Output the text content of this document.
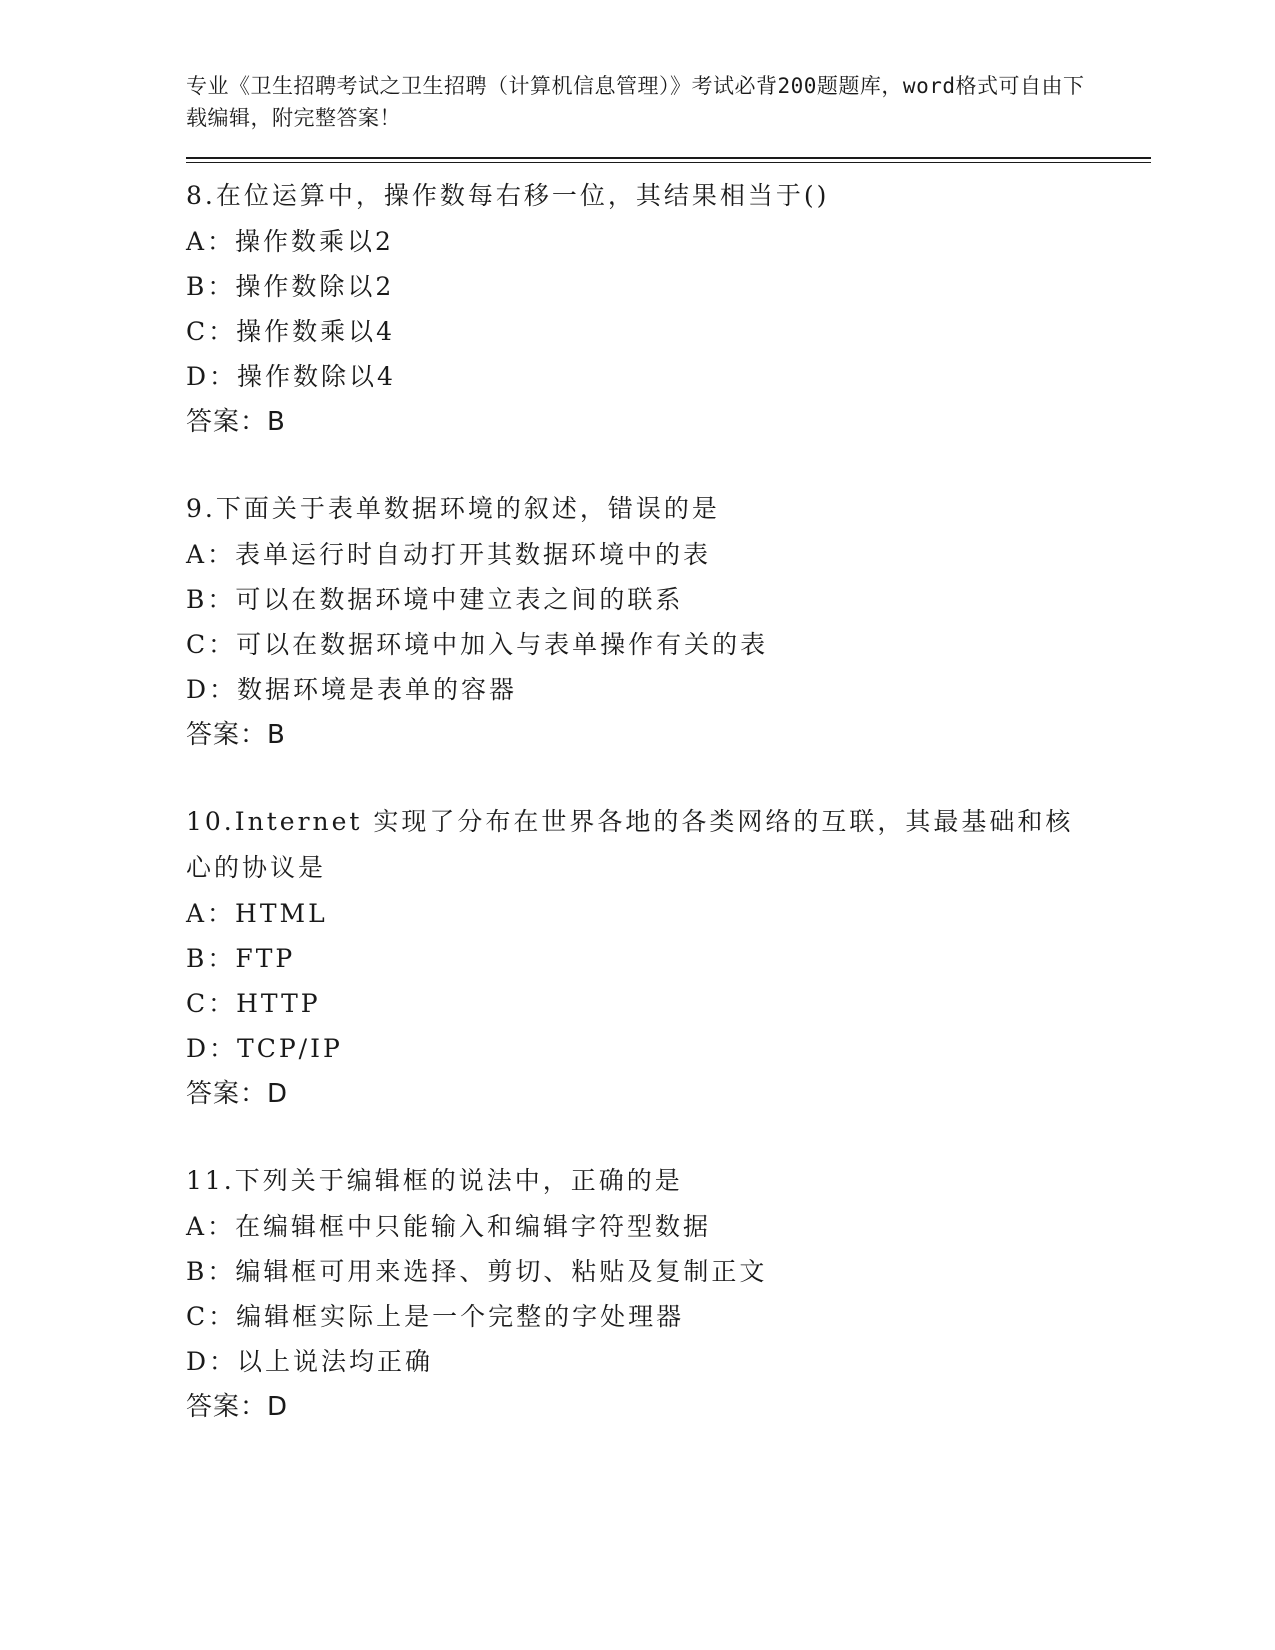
专业《卫生招聘考试之卫生招聘（计算机信息管理）》考试必背200题题库，word格式可自由下载编辑，附完整答案！
8.在位运算中，操作数每右移一位，其结果相当于()
A：操作数乘以2
B：操作数除以2
C：操作数乘以4
D：操作数除以4
答案：B
9.下面关于表单数据环境的叙述，错误的是
A：表单运行时自动打开其数据环境中的表
B：可以在数据环境中建立表之间的联系
C：可以在数据环境中加入与表单操作有关的表
D：数据环境是表单的容器
答案：B
10.Internet 实现了分布在世界各地的各类网络的互联，其最基础和核心的协议是
A：HTML
B：FTP
C：HTTP
D：TCP/IP
答案：D
11.下列关于编辑框的说法中，正确的是
A：在编辑框中只能输入和编辑字符型数据
B：编辑框可用来选择、剪切、粘贴及复制正文
C：编辑框实际上是一个完整的字处理器
D：以上说法均正确
答案：D
